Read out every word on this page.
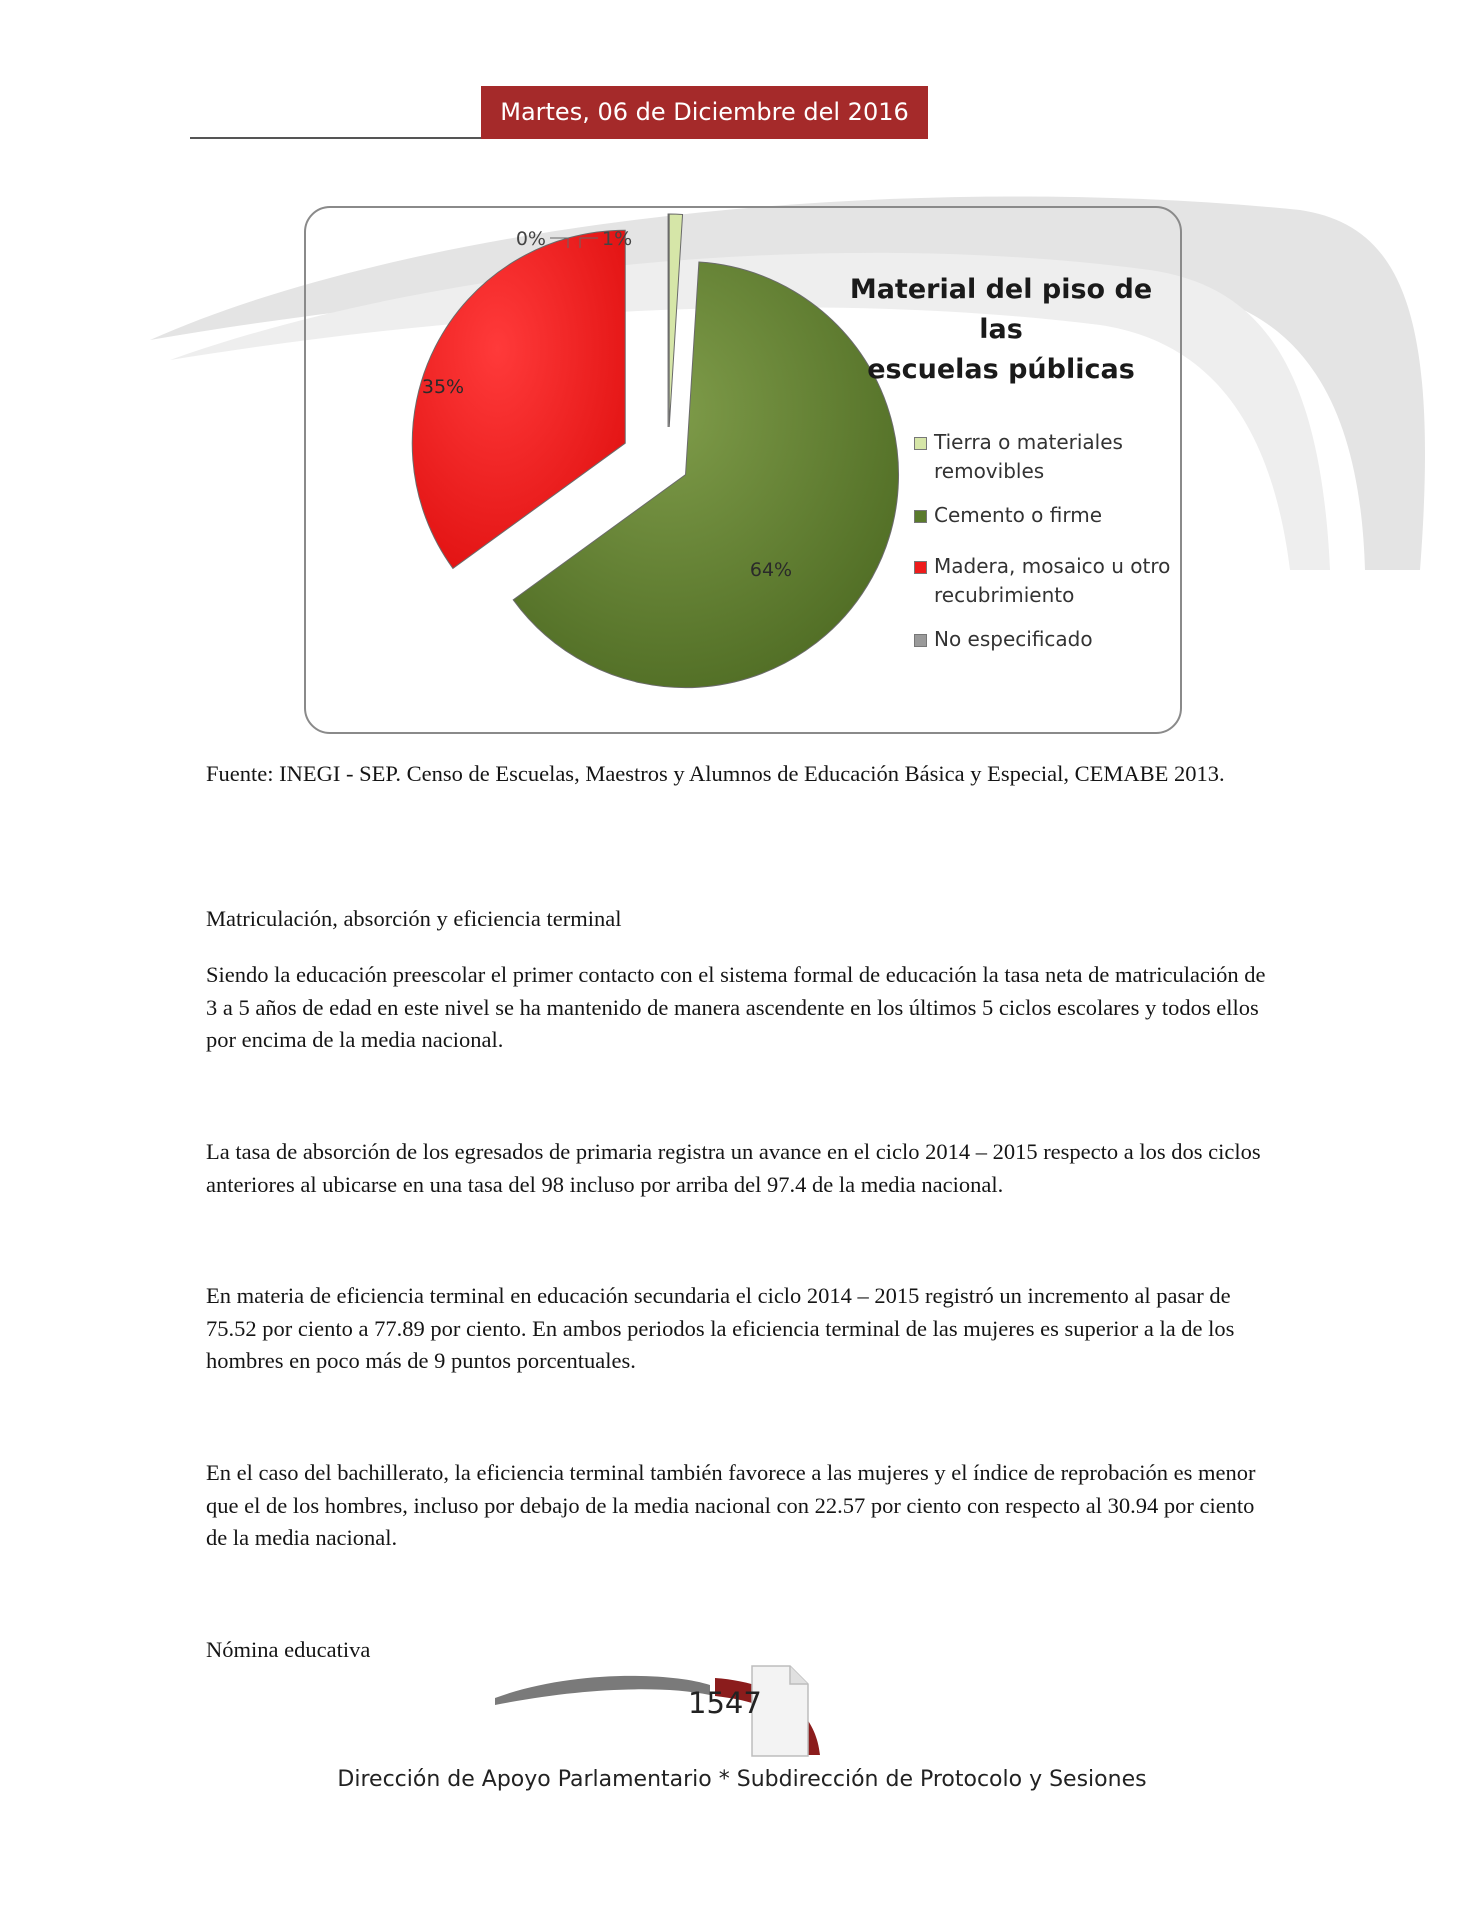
Martes, 06 de Diciembre del 2016
1%
64%
35%
0%
Material del piso de las
escuelas públicas
Tierra o materiales
removibles
Cemento o firme
Madera, mosaico u otro
recubrimiento
No especificado
Fuente: INEGI - SEP. Censo de Escuelas, Maestros y Alumnos de Educación Básica y Especial, CEMABE 2013.
Matriculación, absorción y eficiencia terminal
Siendo la educación preescolar el primer contacto con el sistema formal de educación la tasa neta de matriculación de 3 a 5 años de edad en este nivel se ha mantenido de manera ascendente en los últimos 5 ciclos escolares y todos ellos por encima de la media nacional.
La tasa de absorción de los egresados de primaria registra un avance en el ciclo 2014 – 2015 respecto a los dos ciclos anteriores al ubicarse en una tasa del 98 incluso por arriba del 97.4 de la media nacional.
En materia de eficiencia terminal en educación secundaria el ciclo 2014 – 2015 registró un incremento al pasar de 75.52 por ciento a 77.89 por ciento. En ambos periodos la eficiencia terminal de las mujeres es superior a la de los hombres en poco más de 9 puntos porcentuales.
En el caso del bachillerato, la eficiencia terminal también favorece a las mujeres y el índice de reprobación es menor que el de los hombres, incluso por debajo de la media nacional con 22.57 por ciento con respecto al 30.94 por ciento de la media nacional.
Nómina educativa
1547
Dirección de Apoyo Parlamentario * Subdirección de Protocolo y Sesiones
